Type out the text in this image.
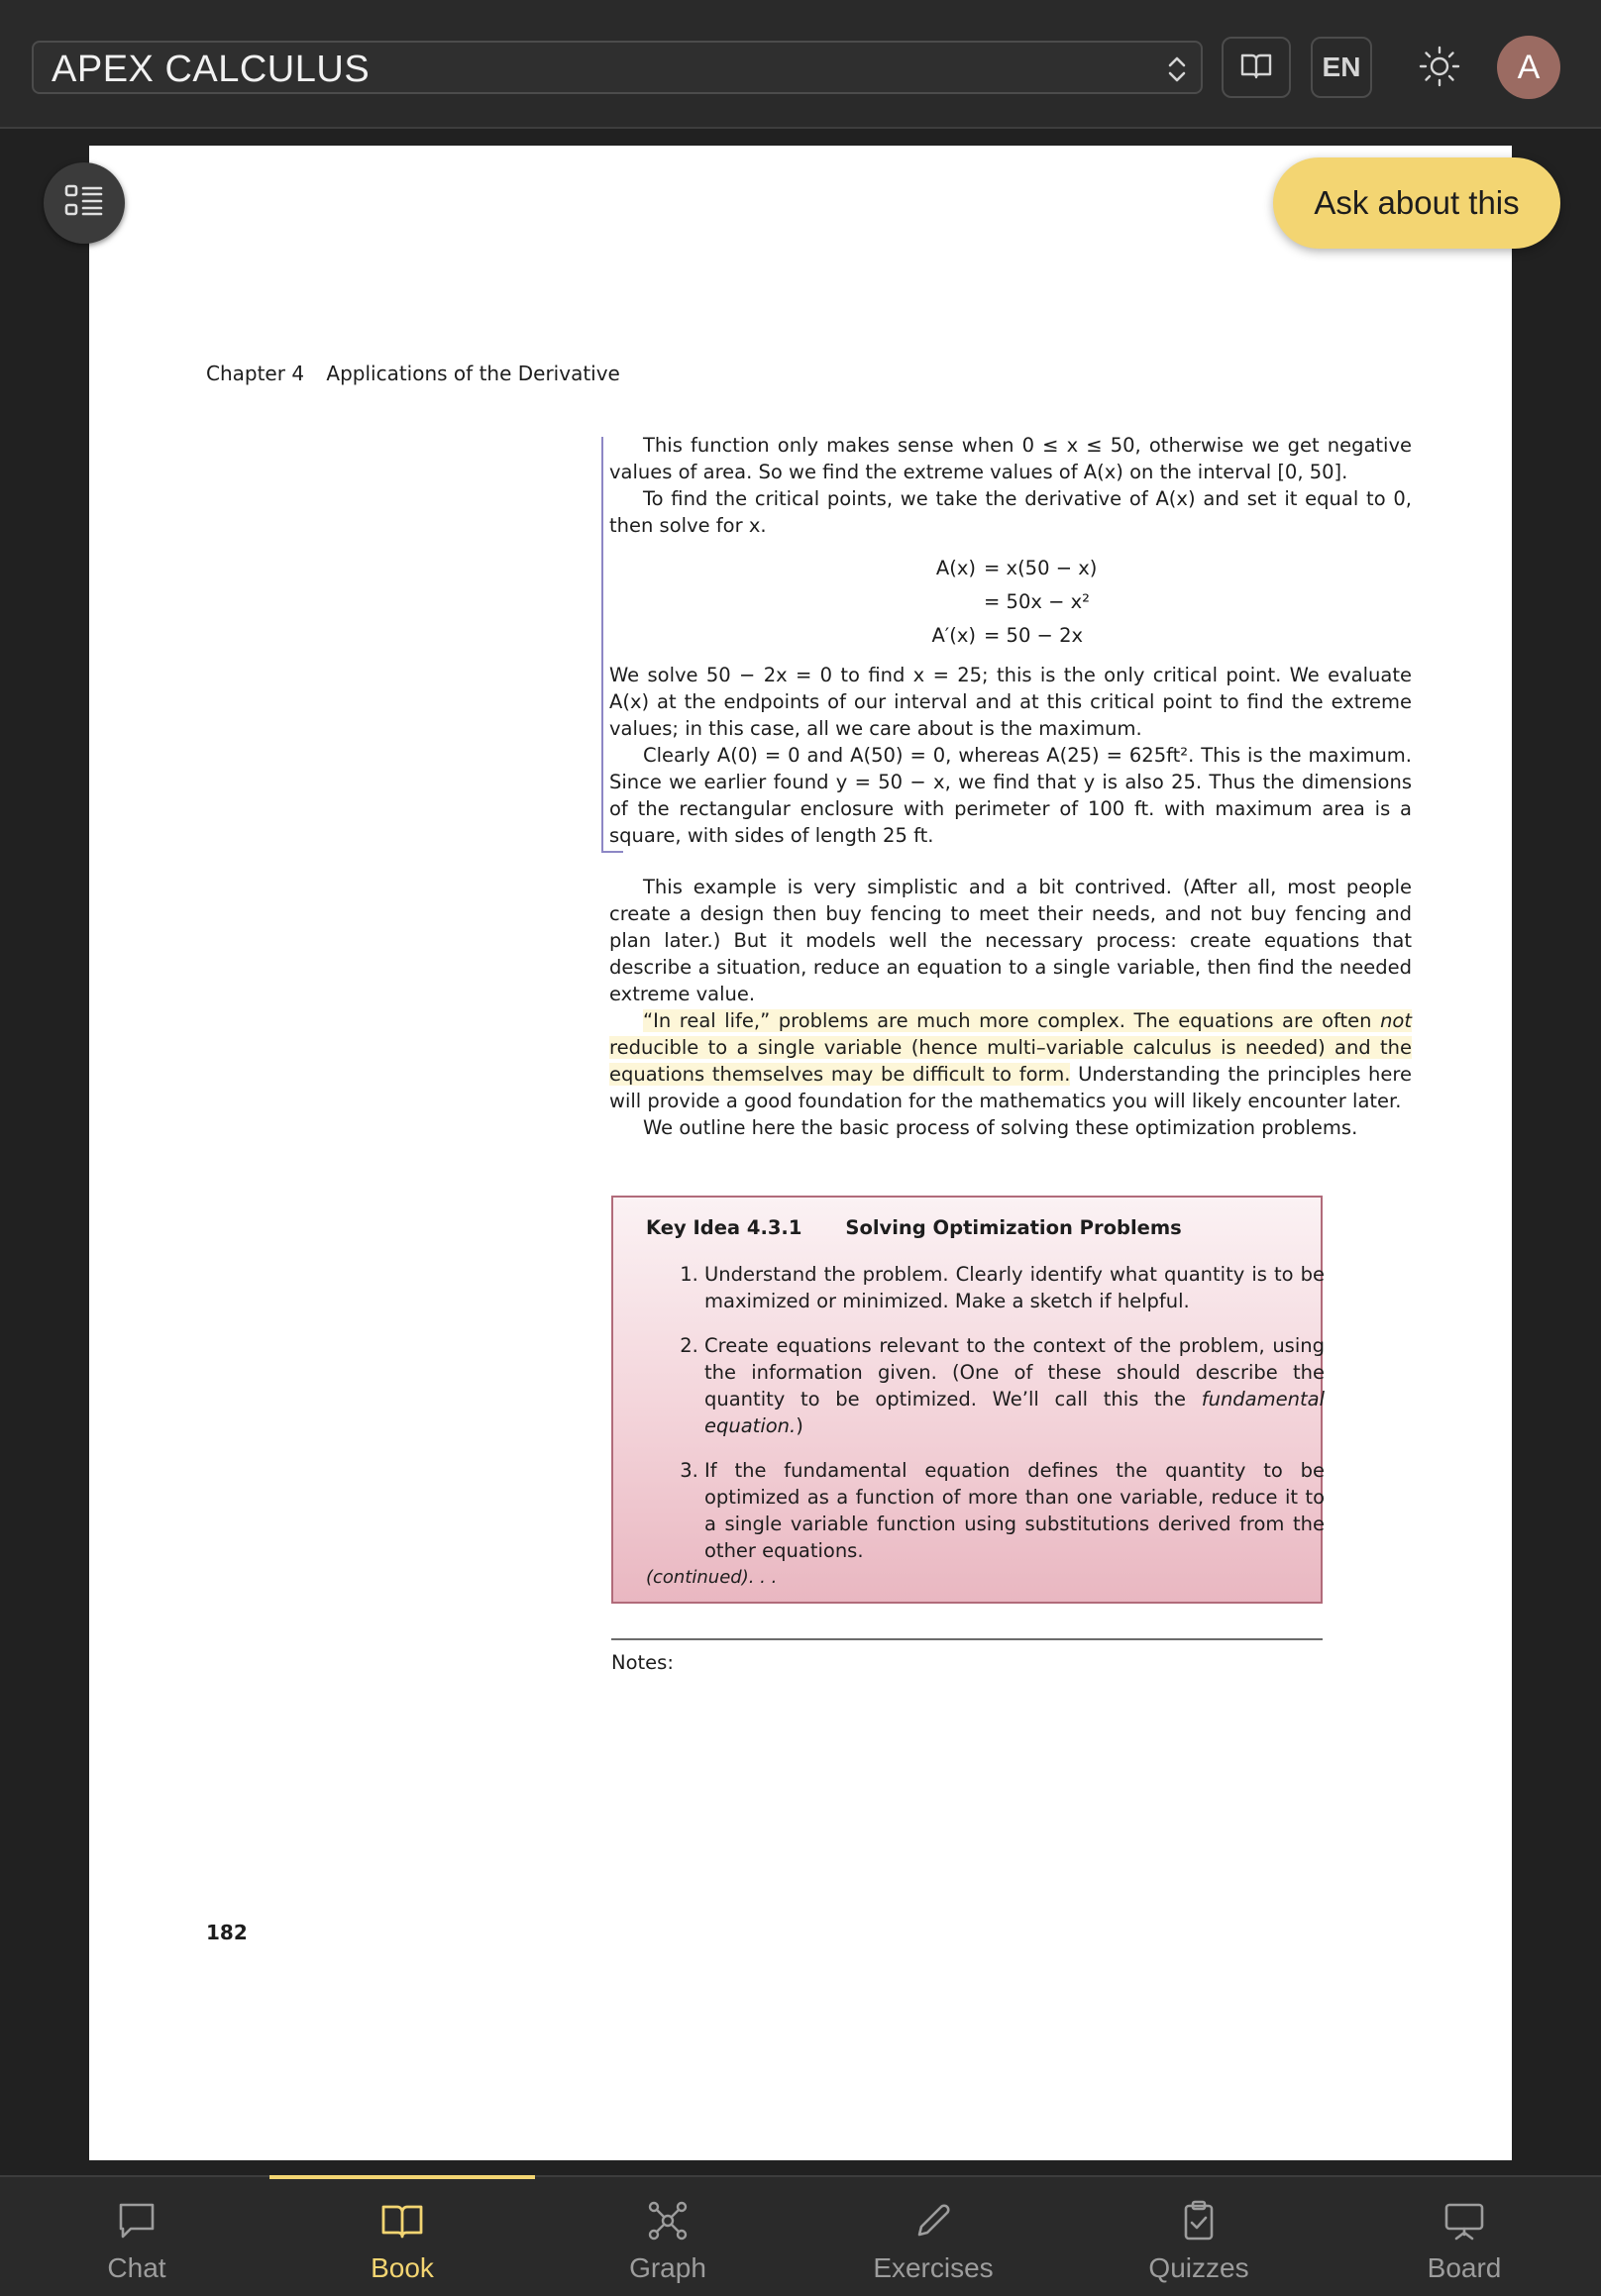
APEX CALCULUS	EN	A
Ask about this
Chapter 4 Applications of the Derivative

This function only makes sense when 0 ≤ x ≤ 50, otherwise we get negative values of area. So we find the extreme values of A(x) on the interval [0, 50].

To find the critical points, we take the derivative of A(x) and set it equal to 0, then solve for x.

A(x) = x(50 − x)
= 50x − x²
A′(x) = 50 − 2x

We solve 50 − 2x = 0 to find x = 25; this is the only critical point. We evaluate A(x) at the endpoints of our interval and at this critical point to find the extreme values; in this case, all we care about is the maximum.

Clearly A(0) = 0 and A(50) = 0, whereas A(25) = 625ft². This is the maximum. Since we earlier found y = 50 − x, we find that y is also 25. Thus the dimensions of the rectangular enclosure with perimeter of 100 ft. with maximum area is a square, with sides of length 25 ft.

This example is very simplistic and a bit contrived. (After all, most people create a design then buy fencing to meet their needs, and not buy fencing and plan later.) But it models well the necessary process: create equations that describe a situation, reduce an equation to a single variable, then find the needed extreme value.

“In real life,” problems are much more complex. The equations are often not reducible to a single variable (hence multi–variable calculus is needed) and the equations themselves may be difficult to form. Understanding the principles here will provide a good foundation for the mathematics you will likely encounter later.

We outline here the basic process of solving these optimization problems.

Key Idea 4.3.1 Solving Optimization Problems
1. Understand the problem. Clearly identify what quantity is to be maximized or minimized. Make a sketch if helpful.
2. Create equations relevant to the context of the problem, using the information given. (One of these should describe the quantity to be optimized. We’ll call this the fundamental equation.)
3. If the fundamental equation defines the quantity to be optimized as a function of more than one variable, reduce it to a single variable function using substitutions derived from the other equations.
(continued). . .
Notes:
182
Chat	Book	Graph	Exercises	Quizzes	Board
